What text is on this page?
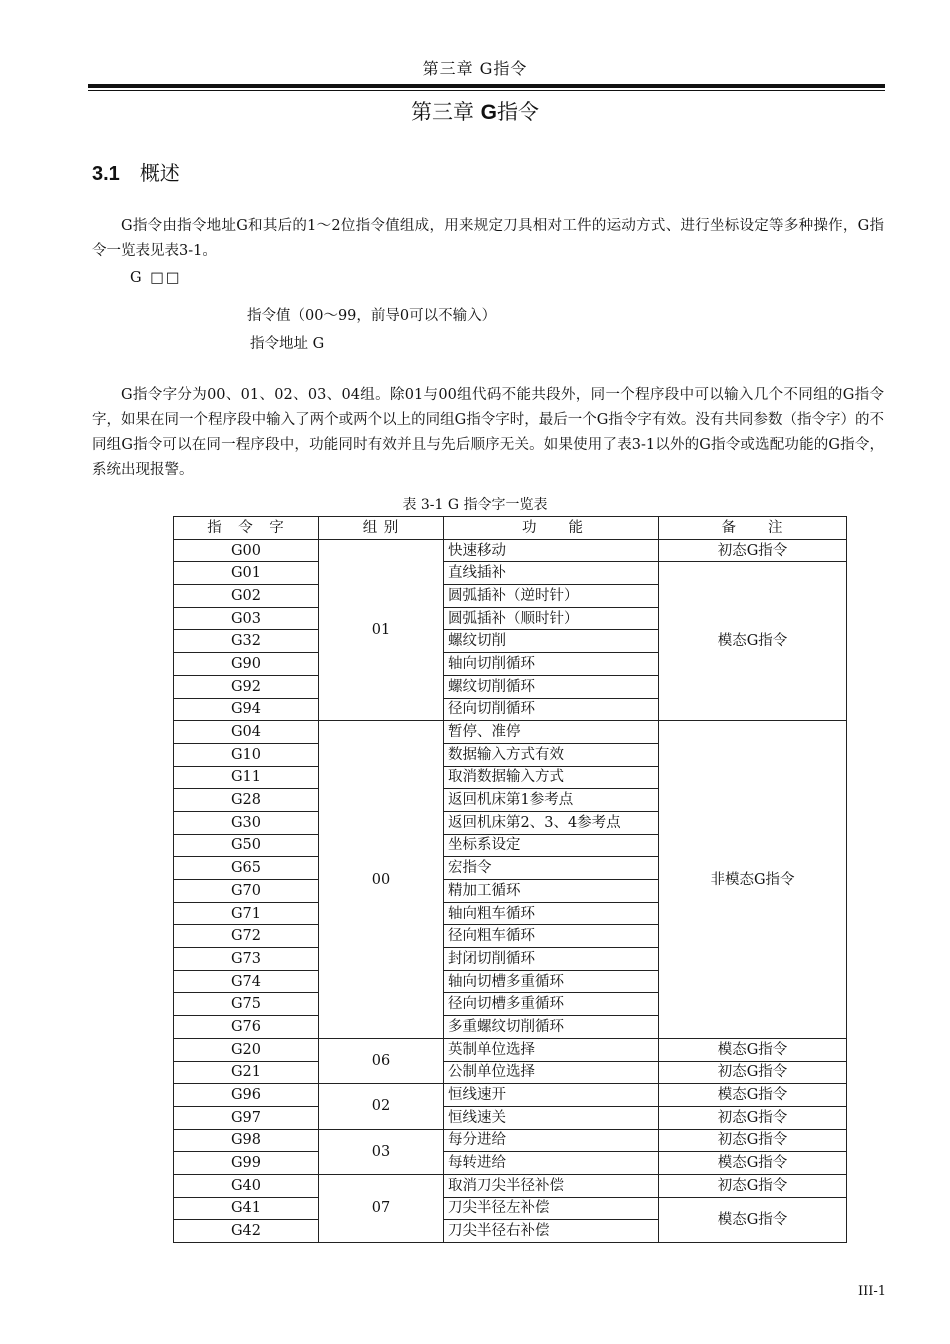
第三章 G指令
第三章 G指令
3.1 概述

G指令由指令地址G和其后的1～2位指令值组成，用来规定刀具相对工件的运动方式、进行坐标设定等多种操作，G指令一览表见表3-1。

G □□
指令值（00～99，前导0可以不输入）
指令地址 G

G指令字分为00、01、02、03、04组。除01与00组代码不能共段外，同一个程序段中可以输入几个不同组的G指令字，如果在同一个程序段中输入了两个或两个以上的同组G指令字时，最后一个G指令字有效。没有共同参数（指令字）的不同组G指令可以在同一程序段中，功能同时有效并且与先后顺序无关。如果使用了表3-1以外的G指令或选配功能的G指令，系统出现报警。

表 3-1 G 指令字一览表
指　令　字	组 别	功　　能	备　　注
G00	01	快速移动	初态G指令
G01		直线插补	模态G指令
G02		圆弧插补（逆时针）	
G03		圆弧插补（顺时针）	
G32		螺纹切削	
G90		轴向切削循环	
G92		螺纹切削循环	
G94		径向切削循环	
G04	00	暂停、准停	非模态G指令
G10		数据输入方式有效	
G11		取消数据输入方式	
G28		返回机床第1参考点	
G30		返回机床第2、3、4参考点	
G50		坐标系设定	
G65		宏指令	
G70		精加工循环	
G71		轴向粗车循环	
G72		径向粗车循环	
G73		封闭切削循环	
G74		轴向切槽多重循环	
G75		径向切槽多重循环	
G76		多重螺纹切削循环	
G20	06	英制单位选择	模态G指令
G21		公制单位选择	初态G指令
G96	02	恒线速开	模态G指令
G97		恒线速关	初态G指令
G98	03	每分进给	初态G指令
G99		每转进给	模态G指令
G40	07	取消刀尖半径补偿	初态G指令
G41		刀尖半径左补偿	模态G指令
G42		刀尖半径右补偿	
III-1
